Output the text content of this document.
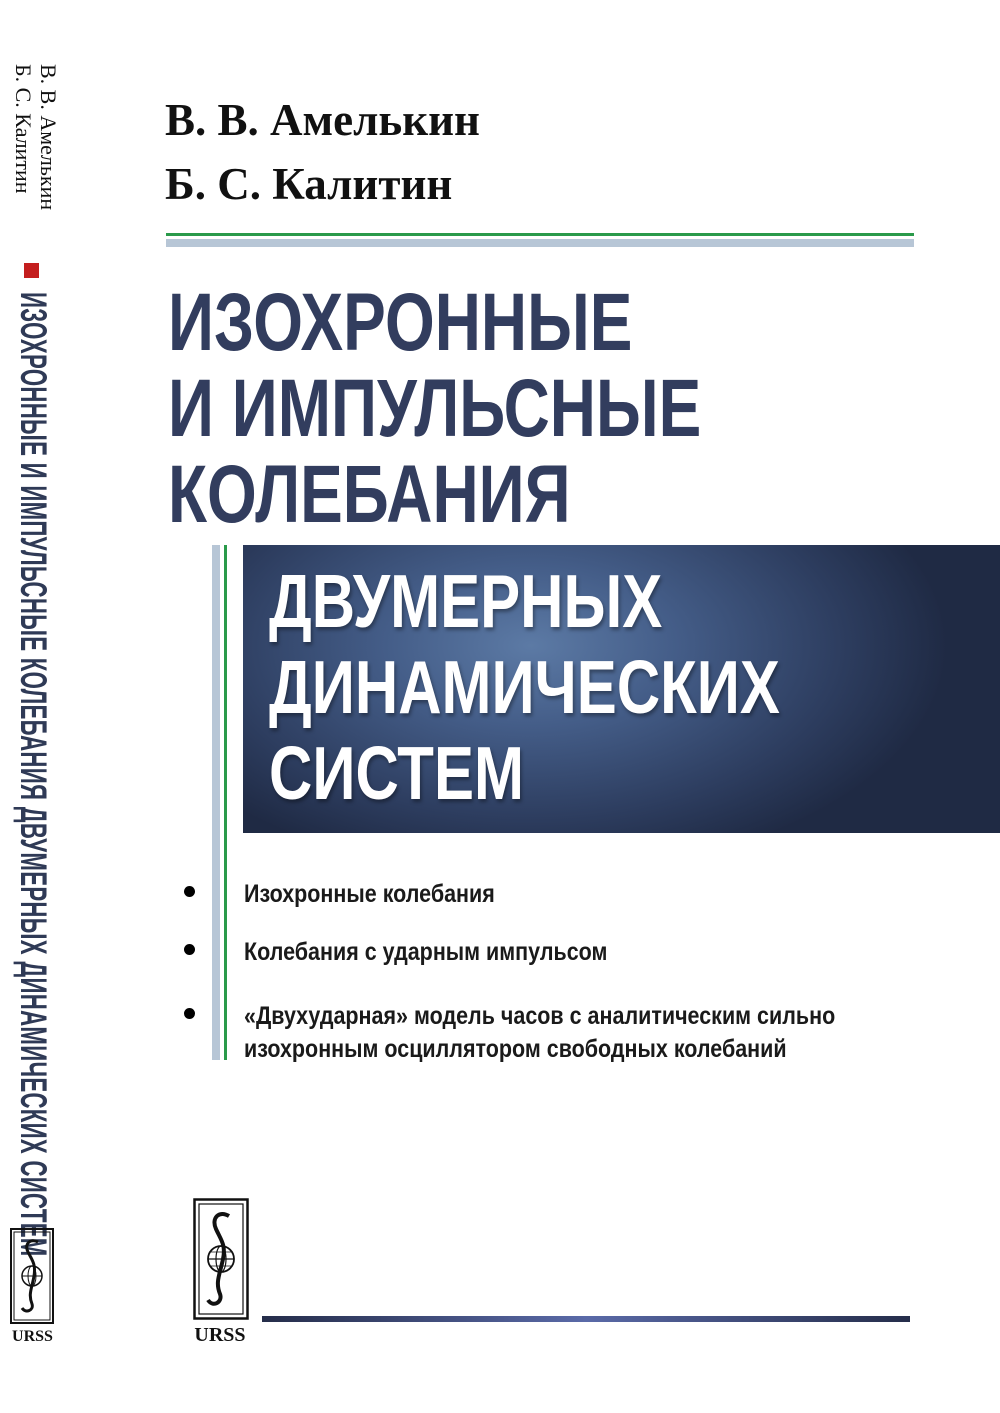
В. В. Амелькин
Б. С. Калитин
ИЗОХРОННЫЕ И ИМПУЛЬСНЫЕ КОЛЕБАНИЯ ДВУМЕРНЫХ ДИНАМИЧЕСКИХ СИСТЕМ
URSS
В. В. Амелькин
Б. С. Калитин
ИЗОХРОННЫЕ
И ИМПУЛЬСНЫЕ
КОЛЕБАНИЯ
ДВУМЕРНЫХ
ДИНАМИЧЕСКИХ
СИСТЕМ
Изохронные колебания
Колебания с ударным импульсом
«Двухударная» модель часов с аналитическим сильно изохронным осциллятором свободных колебаний
URSS
